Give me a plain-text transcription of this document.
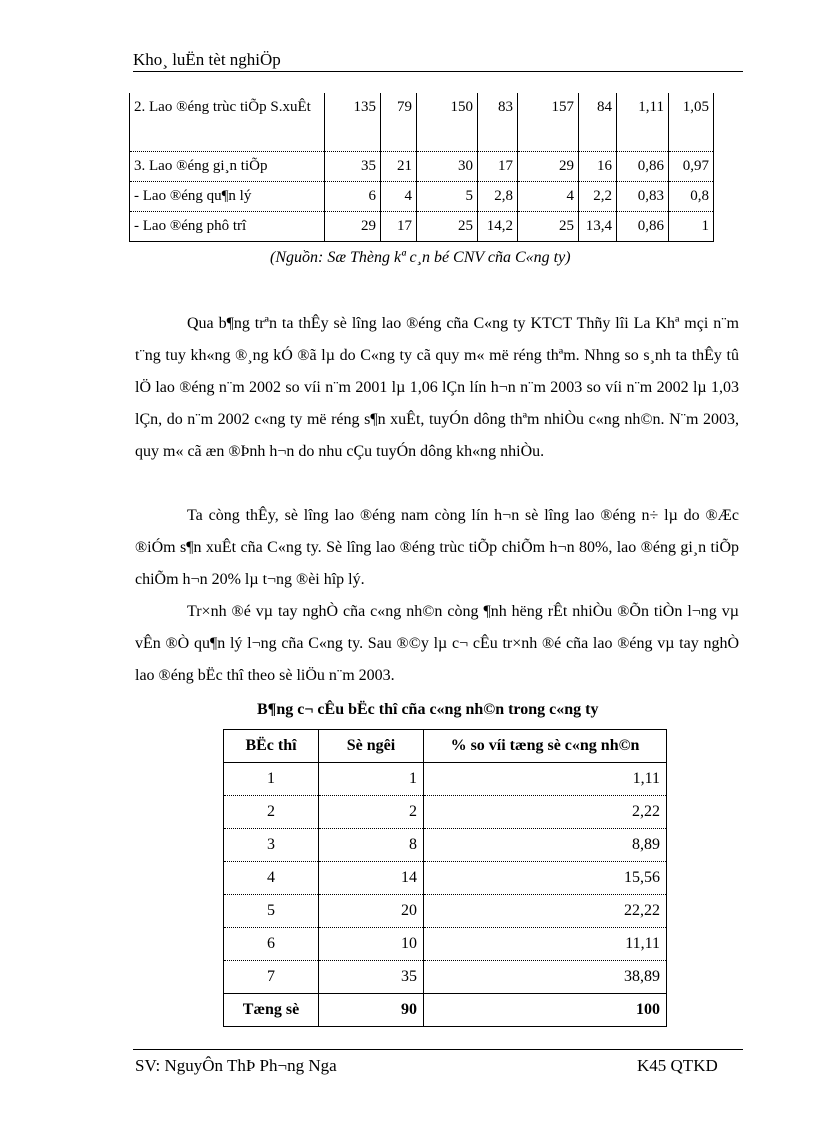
Kho¸ luËn tèt nghiÖp
2. Lao ®éng trùc tiÕp S.xuÊt	135	79	150	83	157	84	1,11	1,05
3. Lao ®éng gi¸n tiÕp	35	21	30	17	29	16	0,86	0,97
- Lao ®éng qu¶n lý	6	4	5	2,8	4	2,2	0,83	0,8
- Lao ®éng phô trî	29	17	25	14,2	25	13,4	0,86	1
(Nguồn: Sæ Thèng kª c¸n bé CNV cña C«ng ty)

Qua b¶ng trªn ta thÊy sè lîng lao ®éng cña C«ng ty KTCT Thñy lîi La Khª mçi n¨m t¨ng tuy kh«ng ®¸ng kÓ ®ã lµ do C«ng ty cã quy m« më réng thªm. Nhng so s¸nh ta thÊy tû lÖ lao ®éng n¨m 2002 so víi n¨m 2001 lµ 1,06 lÇn lín h¬n n¨m 2003 so víi n¨m 2002 lµ 1,03 lÇn, do n¨m 2002 c«ng ty më réng s¶n xuÊt, tuyÓn dông thªm nhiÒu c«ng nh©n. N¨m 2003, quy m« cã æn ®Þnh h¬n do nhu cÇu tuyÓn dông kh«ng nhiÒu.

Ta còng thÊy, sè lîng lao ®éng nam còng lín h¬n sè lîng lao ®éng n÷ lµ do ®Æc ®iÓm s¶n xuÊt cña C«ng ty. Sè lîng lao ®éng trùc tiÕp chiÕm h¬n 80%, lao ®éng gi¸n tiÕp chiÕm h¬n 20% lµ t¬ng ®èi hîp lý.

Tr×nh ®é vµ tay nghÒ cña c«ng nh©n còng ¶nh hëng rÊt nhiÒu ®Õn tiÒn l¬ng vµ vÊn ®Ò qu¶n lý l¬ng cña C«ng ty. Sau ®©y lµ c¬ cÊu tr×nh ®é cña lao ®éng vµ tay nghÒ lao ®éng bËc thî theo sè liÖu n¨m 2003.

B¶ng c¬ cÊu bËc thî cña c«ng nh©n trong c«ng ty
BËc thî	Sè ngêi	% so víi tæng sè c«ng nh©n
1	1	1,11
2	2	2,22
3	8	8,89
4	14	15,56
5	20	22,22
6	10	11,11
7	35	38,89
Tæng sè	90	100
SV: NguyÔn ThÞ Ph¬ng Nga	K45 QTKD
